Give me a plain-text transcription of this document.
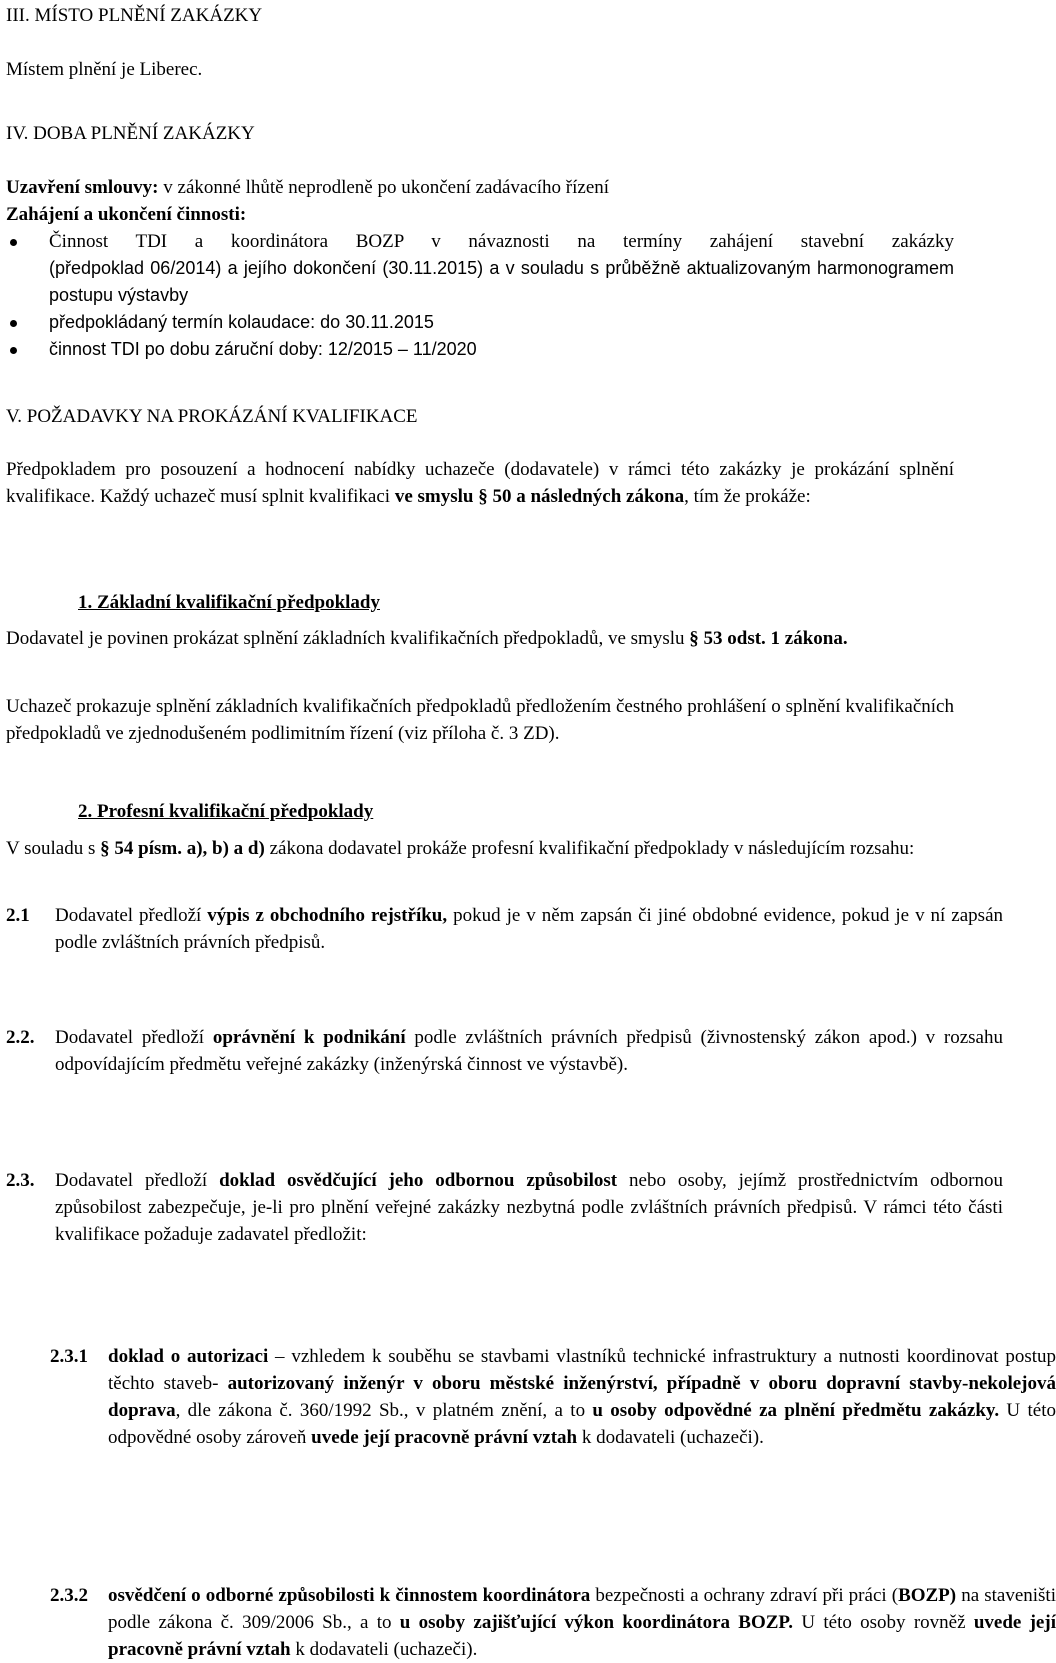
III. MÍSTO PLNĚNÍ ZAKÁZKY
Místem plnění je Liberec.
IV. DOBA PLNĚNÍ ZAKÁZKY
Uzavření smlouvy: v zákonné lhůtě neprodleně po ukončení zadávacího řízení
Zahájení a ukončení činnosti:
Činnost TDI a koordinátora BOZP v návaznosti na termíny zahájení stavební zakázky
(předpoklad 06/2014) a jejího dokončení (30.11.2015) a v souladu s průběžně aktualizovaným harmonogramem postupu výstavby
předpokládaný termín kolaudace: do 30.11.2015
činnost TDI po dobu záruční doby: 12/2015 – 11/2020
V. POŽADAVKY NA PROKÁZÁNÍ KVALIFIKACE
Předpokladem pro posouzení a hodnocení nabídky uchazeče (dodavatele) v rámci této zakázky je prokázání splnění kvalifikace. Každý uchazeč musí splnit kvalifikaci ve smyslu § 50 a následných zákona, tím že prokáže:
1. Základní kvalifikační předpoklady
Dodavatel je povinen prokázat splnění základních kvalifikačních předpokladů, ve smyslu § 53 odst. 1 zákona.
Uchazeč prokazuje splnění základních kvalifikačních předpokladů předložením čestného prohlášení o splnění kvalifikačních předpokladů ve zjednodušeném podlimitním řízení (viz příloha č. 3 ZD).
2. Profesní kvalifikační předpoklady
V souladu s § 54 písm. a), b) a d) zákona dodavatel prokáže profesní kvalifikační předpoklady v následujícím rozsahu:
2.1 Dodavatel předloží výpis z obchodního rejstříku, pokud je v něm zapsán či jiné obdobné evidence, pokud je v ní zapsán podle zvláštních právních předpisů.
2.2. Dodavatel předloží oprávnění k podnikání podle zvláštních právních předpisů (živnostenský zákon apod.) v rozsahu odpovídajícím předmětu veřejné zakázky (inženýrská činnost ve výstavbě).
2.3. Dodavatel předloží doklad osvědčující jeho odbornou způsobilost nebo osoby, jejímž prostřednictvím odbornou způsobilost zabezpečuje, je-li pro plnění veřejné zakázky nezbytná podle zvláštních právních předpisů. V rámci této části kvalifikace požaduje zadavatel předložit:
2.3.1 doklad o autorizaci – vzhledem k souběhu se stavbami vlastníků technické infrastruktury a nutnosti koordinovat postup těchto staveb- autorizovaný inženýr v oboru městské inženýrství, případně v oboru dopravní stavby-nekolejová doprava, dle zákona č. 360/1992 Sb., v platném znění, a to u osoby odpovědné za plnění předmětu zakázky. U této odpovědné osoby zároveň uvede její pracovně právní vztah k dodavateli (uchazeči).
2.3.2 osvědčení o odborné způsobilosti k činnostem koordinátora bezpečnosti a ochrany zdraví při práci (BOZP) na staveništi podle zákona č. 309/2006 Sb., a to u osoby zajišťující výkon koordinátora BOZP. U této osoby rovněž uvede její pracovně právní vztah k dodavateli (uchazeči).
